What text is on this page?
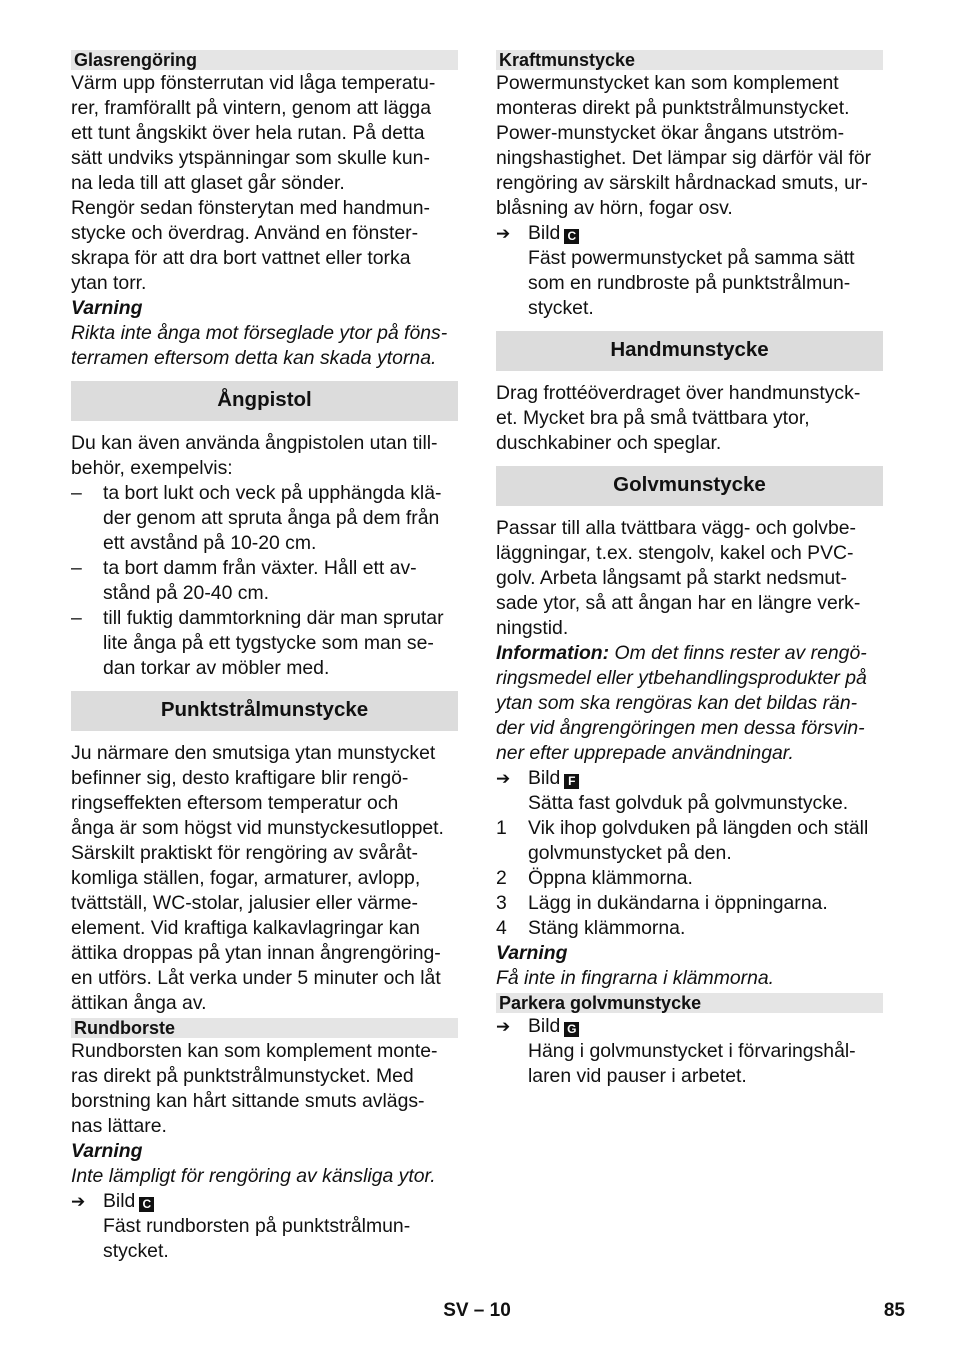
Glasrengöring

Värm upp fönsterrutan vid låga temperatu-

rer, framförallt på vintern, genom att lägga

ett tunt ångskikt över hela rutan. På detta

sätt undviks ytspänningar som skulle kun-

na leda till att glaset går sönder.

Rengör sedan fönsterytan med handmun-

stycke och överdrag. Använd en fönster-

skrapa för att dra bort vattnet eller torka

ytan torr.

Varning

Rikta inte ånga mot förseglade ytor på föns-

terramen eftersom detta kan skada ytorna.

Ångpistol

Du kan även använda ångpistolen utan till-

behör, exempelvis:

–	ta bort lukt och veck på upphängda klä-

der genom att spruta ånga på dem från

ett avstånd på 10-20 cm.

–	ta bort damm från växter. Håll ett av-

stånd på 20-40 cm.

–	till fuktig dammtorkning där man sprutar

lite ånga på ett tygstycke som man se-

dan torkar av möbler med.

Punktstrålmunstycke

Ju närmare den smutsiga ytan munstycket

befinner sig, desto kraftigare blir rengö-

ringseffekten eftersom temperatur och

ånga är som högst vid munstyckesutloppet.

Särskilt praktiskt för rengöring av svåråt-

komliga ställen, fogar, armaturer, avlopp,

tvättställ, WC-stolar, jalusier eller värme-

element. Vid kraftiga kalkavlagringar kan

ättika droppas på ytan innan ångrengöring-

en utförs. Låt verka under 5 minuter och låt

ättikan ånga av.

Rundborste

Rundborsten kan som komplement monte-

ras direkt på punktstrålmunstycket. Med

borstning kan hårt sittande smuts avlägs-

nas lättare.

Varning

Inte lämpligt för rengöring av känsliga ytor.

➔ Bild C

Fäst rundborsten på punktstrålmun-

stycket.

Kraftmunstycke

Powermunstycket kan som komplement

monteras direkt på punktstrålmunstycket.

Power-munstycket ökar ångans utström-

ningshastighet. Det lämpar sig därför väl för

rengöring av särskilt hårdnackad smuts, ur-

blåsning av hörn, fogar osv.

➔ Bild C

Fäst powermunstycket på samma sätt

som en rundbroste på punktstrålmun-

stycket.

Handmunstycke

Drag frottéöverdraget över handmunstyck-

et. Mycket bra på små tvättbara ytor,

duschkabiner och speglar.

Golvmunstycke

Passar till alla tvättbara vägg- och golvbe-

läggningar, t.ex. stengolv, kakel och PVC-

golv. Arbeta långsamt på starkt nedsmut-

sade ytor, så att ångan har en längre verk-

ningstid.

Information: Om det finns rester av rengö-

ringsmedel eller ytbehandlingsprodukter på

ytan som ska rengöras kan det bildas rän-

der vid ångrengöringen men dessa försvin-

ner efter upprepade användningar.

➔ Bild F

Sätta fast golvduk på golvmunstycke.

1	Vik ihop golvduken på längden och ställ

golvmunstycket på den.

2	Öppna klämmorna.

3	Lägg in dukändarna i öppningarna.

4	Stäng klämmorna.

Varning

Få inte in fingrarna i klämmorna.

Parkera golvmunstycke
➔ Bild G

Häng i golvmunstycket i förvaringshål-

laren vid pauser i arbetet.

SV – 10	85
